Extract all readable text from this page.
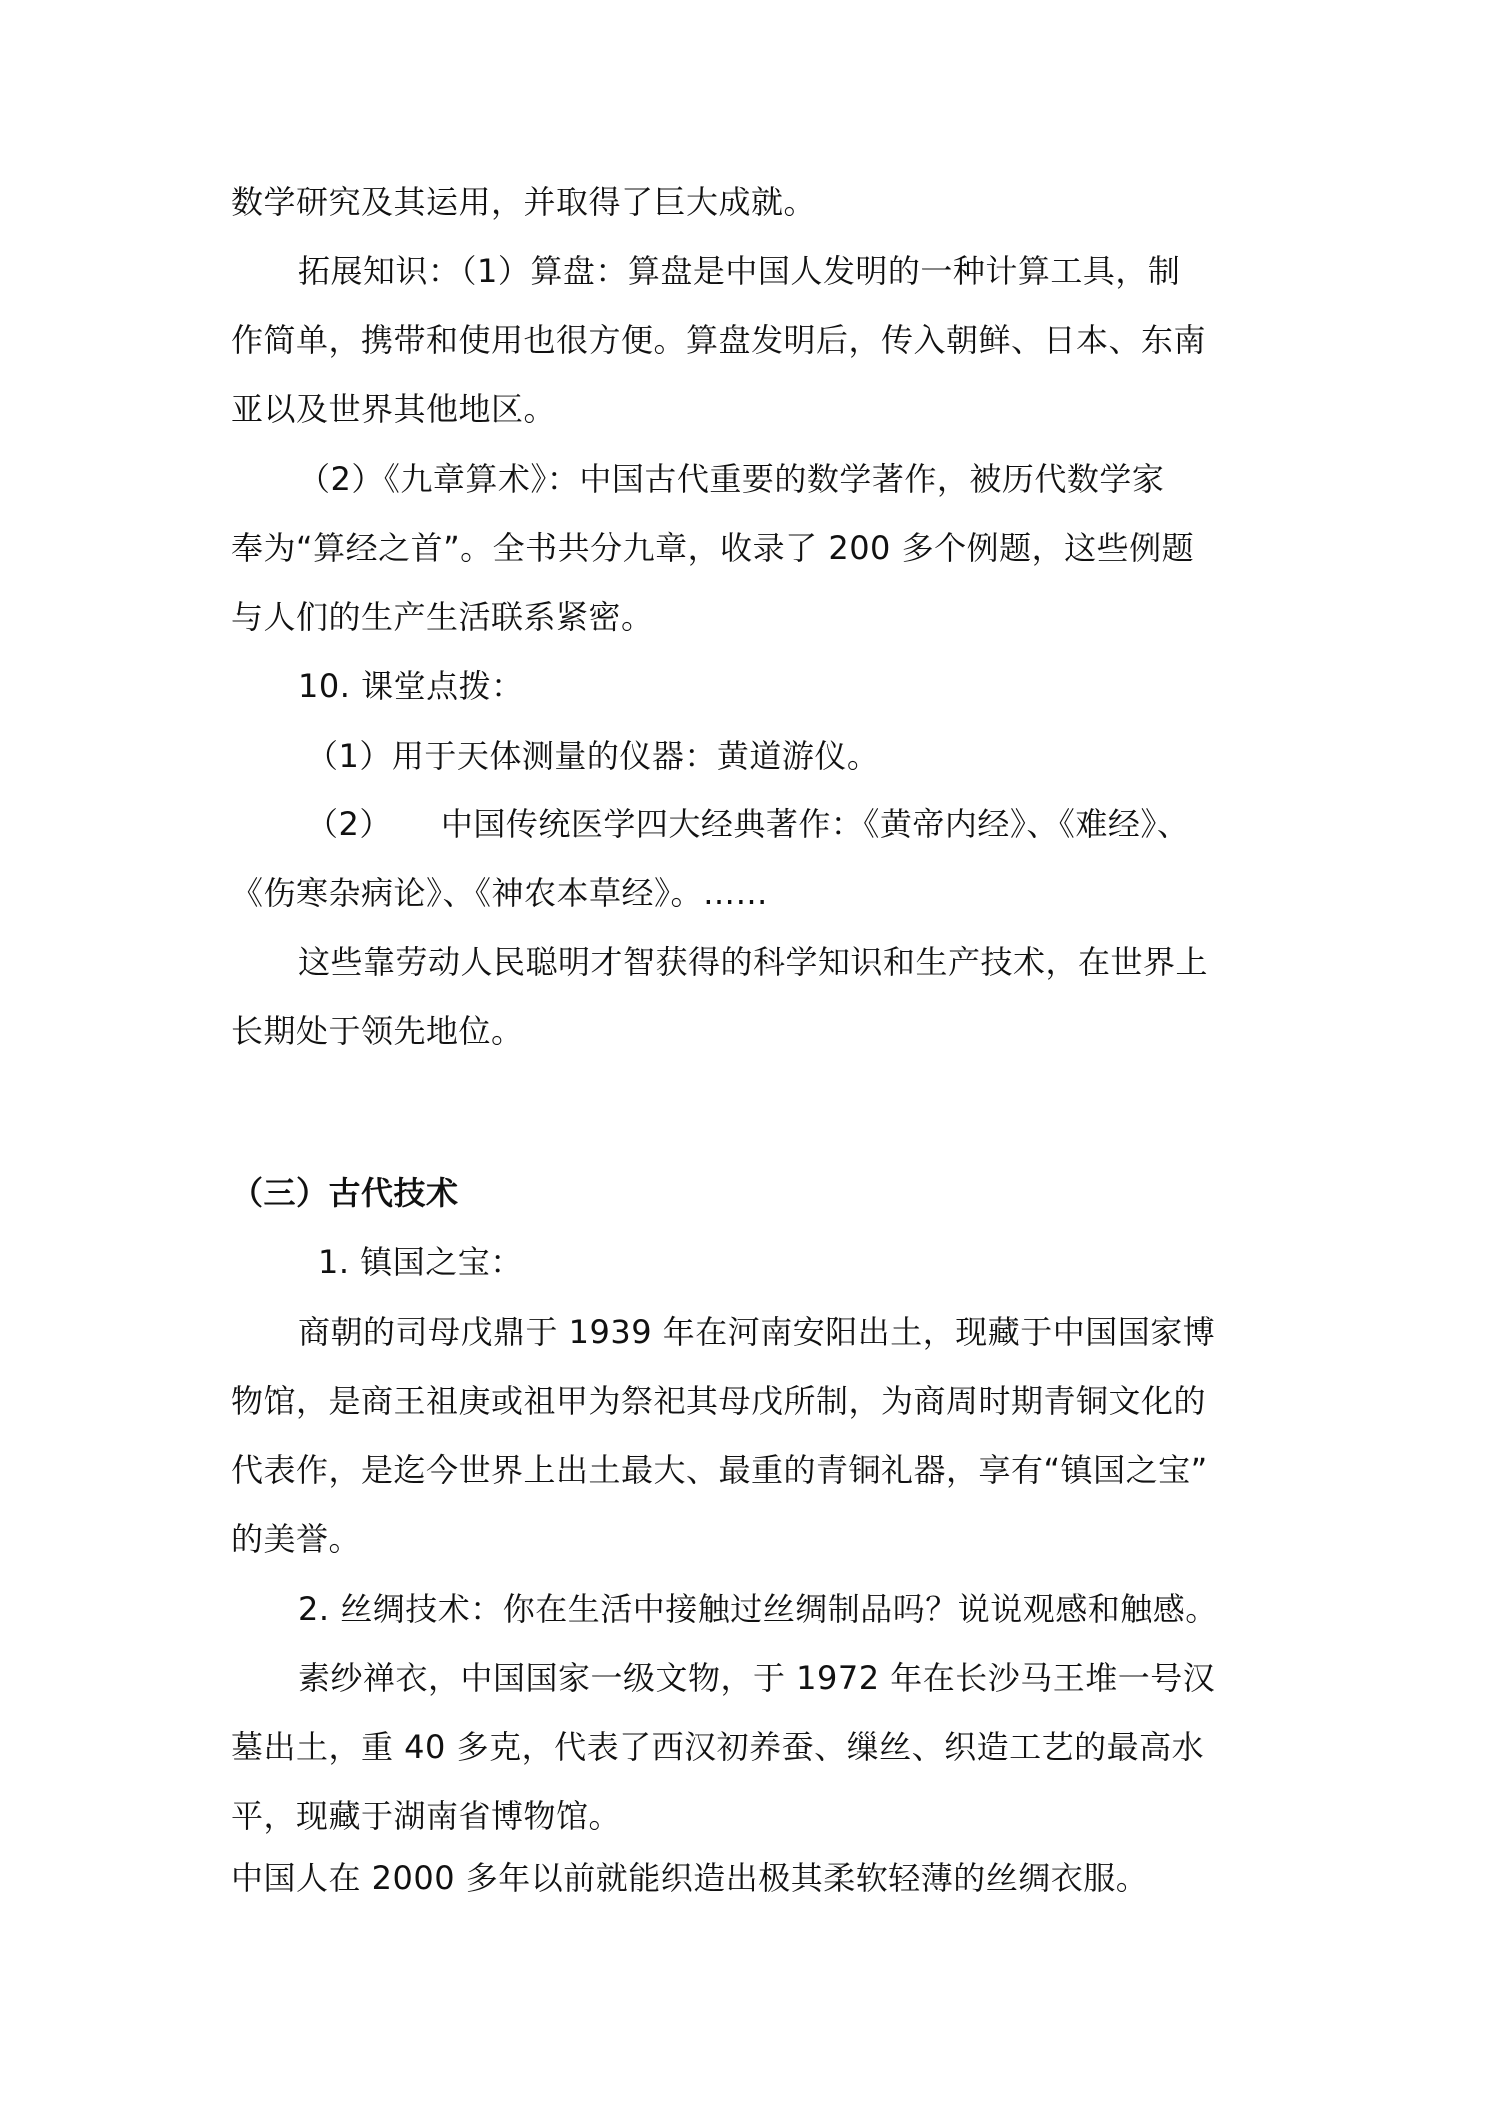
数学研究及其运用，并取得了巨大成就。
拓展知识：（1）算盘：算盘是中国人发明的一种计算工具，制
作简单，携带和使用也很方便。算盘发明后，传入朝鲜、日本、东南
亚以及世界其他地区。
（2）《九章算术》：中国古代重要的数学著作，被历代数学家
奉为“算经之首”。全书共分九章，收录了 200 多个例题，这些例题
与人们的生产生活联系紧密。
10. 课堂点拨：
（1）用于天体测量的仪器：黄道游仪。
（2）　　中国传统医学四大经典著作：《黄帝内经》、《难经》、
《伤寒杂病论》、《神农本草经》。……
这些靠劳动人民聪明才智获得的科学知识和生产技术，在世界上
长期处于领先地位。
（三）古代技术
1. 镇国之宝：
商朝的司母戊鼎于 1939 年在河南安阳出土，现藏于中国国家博
物馆，是商王祖庚或祖甲为祭祀其母戊所制，为商周时期青铜文化的
代表作，是迄今世界上出土最大、最重的青铜礼器，享有“镇国之宝”
的美誉。
2. 丝绸技术：你在生活中接触过丝绸制品吗？说说观感和触感。
素纱禅衣，中国国家一级文物，于 1972 年在长沙马王堆一号汉
墓出土，重 40 多克，代表了西汉初养蚕、缫丝、织造工艺的最高水
平，现藏于湖南省博物馆。
中国人在 2000 多年以前就能织造出极其柔软轻薄的丝绸衣服。
